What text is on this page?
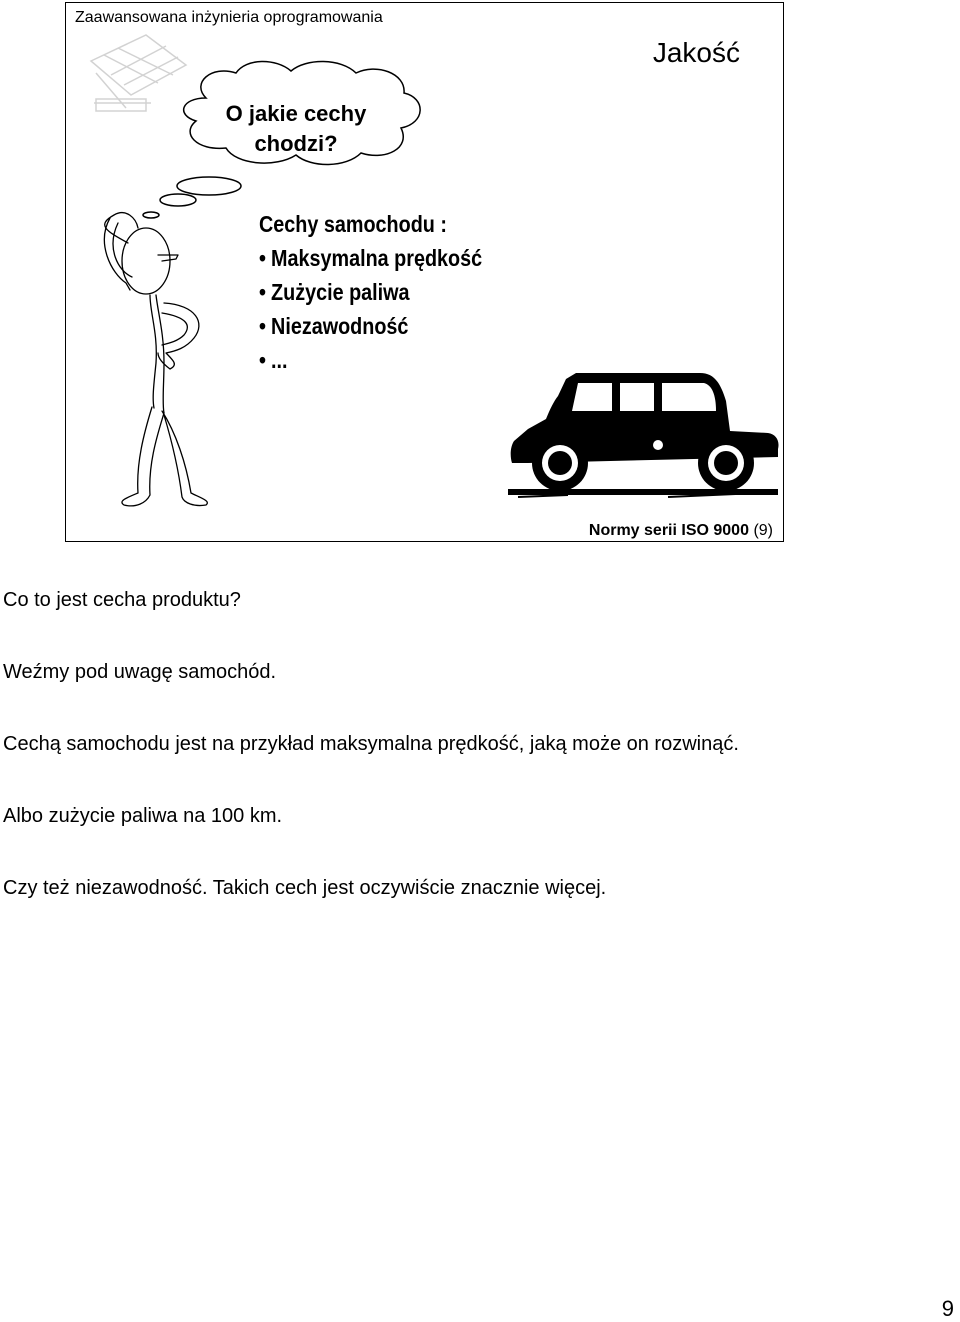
Zaawansowana inżynieria oprogramowania
Jakość
O jakie cechy
chodzi?
Cechy samochodu :
• Maksymalna prędkość
• Zużycie paliwa
• Niezawodność
• ...
Normy serii ISO 9000 (9)

Co to jest cecha produktu?

Weźmy pod uwagę samochód.

Cechą samochodu jest na przykład maksymalna prędkość, jaką może on rozwinąć.

Albo zużycie paliwa na 100 km.

Czy też niezawodność. Takich cech jest oczywiście znacznie więcej.

9
